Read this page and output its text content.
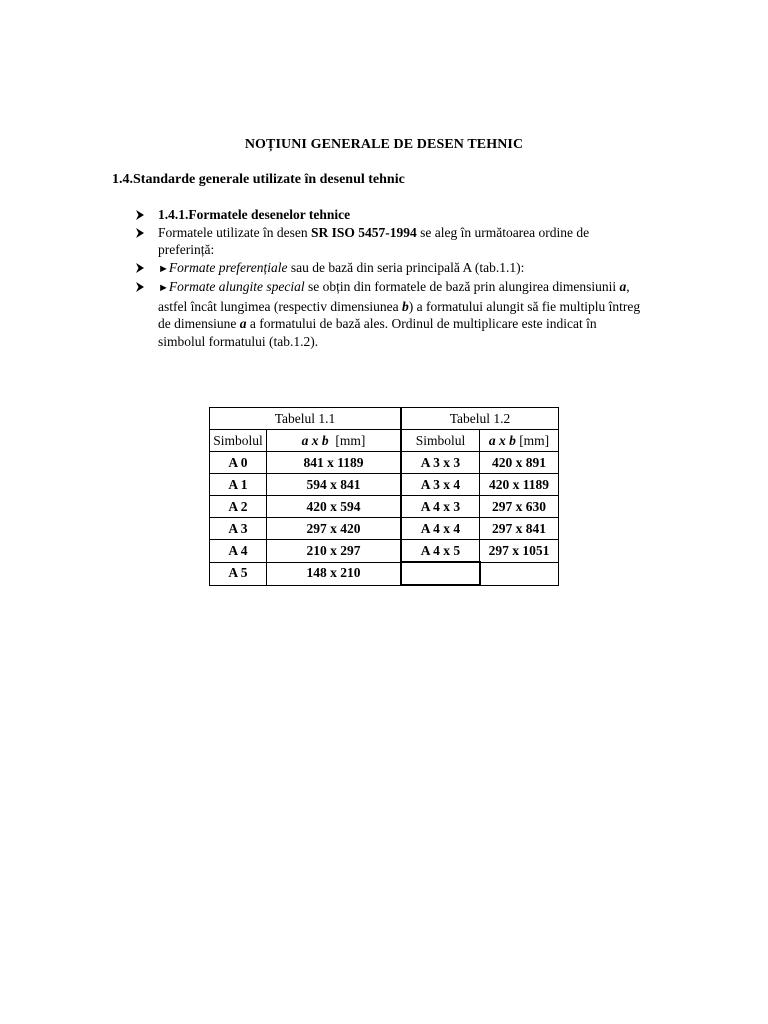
NOȚIUNI GENERALE DE DESEN TEHNIC
1.4.Standarde generale utilizate în desenul tehnic

1.4.1.Formatele desenelor tehnice

Formatele utilizate în desen SR ISO 5457-1994 se aleg în următoarea ordine de preferință:

►Formate preferențiale sau de bază din seria principală A (tab.1.1):

►Formate alungite special se obțin din formatele de bază prin alungirea dimensiunii a, astfel încât lungimea (respectiv dimensiunea b) a formatului alungit să fie multiplu întreg de dimensiune a a formatului de bază ales. Ordinul de multiplicare este indicat în simbolul formatului (tab.1.2).

Tabelul 1.1		Tabelul 1.2	
Simbolul	a x b [mm]	Simbolul	a x b [mm]
A 0	841 x 1189	A 3 x 3	420 x 891
A 1	594 x 841	A 3 x 4	420 x 1189
A 2	420 x 594	A 4 x 3	297 x 630
A 3	297 x 420	A 4 x 4	297 x 841
A 4	210 x 297	A 4 x 5	297 x 1051
A 5	148 x 210		
